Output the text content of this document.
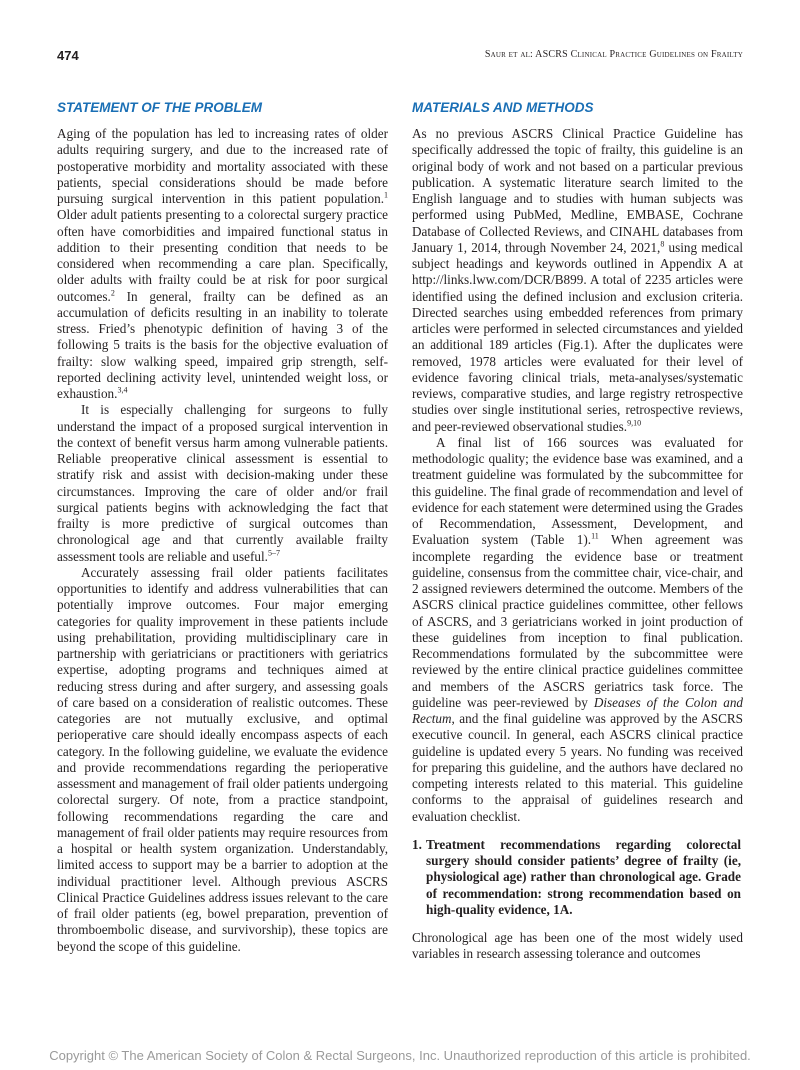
474	Saur et al: ASCRS Clinical Practice Guidelines on Frailty
STATEMENT OF THE PROBLEM

Aging of the population has led to increasing rates of older adults requiring surgery, and due to the increased rate of postoperative morbidity and mortality associated with these patients, special considerations should be made before pursuing surgical intervention in this patient population.$^1$ Older adult patients presenting to a colorectal surgery practice often have comorbidities and impaired functional status in addition to their presenting condition that needs to be considered when recommending a care plan. Specifically, older adults with frailty could be at risk for poor surgical outcomes.$^2$ In general, frailty can be defined as an accumulation of deficits resulting in an inability to tolerate stress. Fried’s phenotypic definition of having 3 of the following 5 traits is the basis for the objective evaluation of frailty: slow walking speed, impaired grip strength, self-reported declining activity level, unintended weight loss, or exhaustion.$^{3,4}$

It is especially challenging for surgeons to fully understand the impact of a proposed surgical intervention in the context of benefit versus harm among vulnerable patients. Reliable preoperative clinical assessment is essential to stratify risk and assist with decision-making under these circumstances. Improving the care of older and/or frail surgical patients begins with acknowledging the fact that frailty is more predictive of surgical outcomes than chronological age and that currently available frailty assessment tools are reliable and useful.$^{5-7}$

Accurately assessing frail older patients facilitates opportunities to identify and address vulnerabilities that can potentially improve outcomes. Four major emerging categories for quality improvement in these patients include using prehabilitation, providing multidisciplinary care in partnership with geriatricians or practitioners with geriatrics expertise, adopting programs and techniques aimed at reducing stress during and after surgery, and assessing goals of care based on a consideration of realistic outcomes. These categories are not mutually exclusive, and optimal perioperative care should ideally encompass aspects of each category. In the following guideline, we evaluate the evidence and provide recommendations regarding the perioperative assessment and management of frail older patients undergoing colorectal surgery. Of note, from a practice standpoint, following recommendations regarding the care and management of frail older patients may require resources from a hospital or health system organization. Understandably, limited access to support may be a barrier to adoption at the individual practitioner level. Although previous ASCRS Clinical Practice Guidelines address issues relevant to the care of frail older patients (eg, bowel preparation, prevention of thromboembolic disease, and survivorship), these topics are beyond the scope of this guideline.

MATERIALS AND METHODS

As no previous ASCRS Clinical Practice Guideline has specifically addressed the topic of frailty, this guideline is an original body of work and not based on a particular previous publication. A systematic literature search limited to the English language and to studies with human subjects was performed using PubMed, Medline, EMBASE, Cochrane Database of Collected Reviews, and CINAHL databases from January 1, 2014, through November 24, 2021,$^8$ using medical subject headings and keywords outlined in Appendix A at http://links.lww.com/DCR/B899. A total of 2235 articles were identified using the defined inclusion and exclusion criteria. Directed searches using embedded references from primary articles were performed in selected circumstances and yielded an additional 189 articles (Fig.1). After the duplicates were removed, 1978 articles were evaluated for their level of evidence favoring clinical trials, meta-analyses/systematic reviews, comparative studies, and large registry retrospective studies over single institutional series, retrospective reviews, and peer-reviewed observational studies.$^{9,10}$

A final list of 166 sources was evaluated for methodologic quality; the evidence base was examined, and a treatment guideline was formulated by the subcommittee for this guideline. The final grade of recommendation and level of evidence for each statement were determined using the Grades of Recommendation, Assessment, Development, and Evaluation system (Table 1).$^{11}$ When agreement was incomplete regarding the evidence base or treatment guideline, consensus from the committee chair, vice-chair, and 2 assigned reviewers determined the outcome. Members of the ASCRS clinical practice guidelines committee, other fellows of ASCRS, and 3 geriatricians worked in joint production of these guidelines from inception to final publication. Recommendations formulated by the subcommittee were reviewed by the entire clinical practice guidelines committee and members of the ASCRS geriatrics task force. The guideline was peer-reviewed by Diseases of the Colon and Rectum, and the final guideline was approved by the ASCRS executive council. In general, each ASCRS clinical practice guideline is updated every 5 years. No funding was received for preparing this guideline, and the authors have declared no competing interests related to this material. This guideline conforms to the appraisal of guidelines research and evaluation checklist.

1. Treatment recommendations regarding colorectal surgery should consider patients’ degree of frailty (ie, physiological age) rather than chronological age. Grade of recommendation: strong recommendation based on high-quality evidence, 1A.

Chronological age has been one of the most widely used variables in research assessing tolerance and outcomes

Copyright © The American Society of Colon & Rectal Surgeons, Inc. Unauthorized reproduction of this article is prohibited.
